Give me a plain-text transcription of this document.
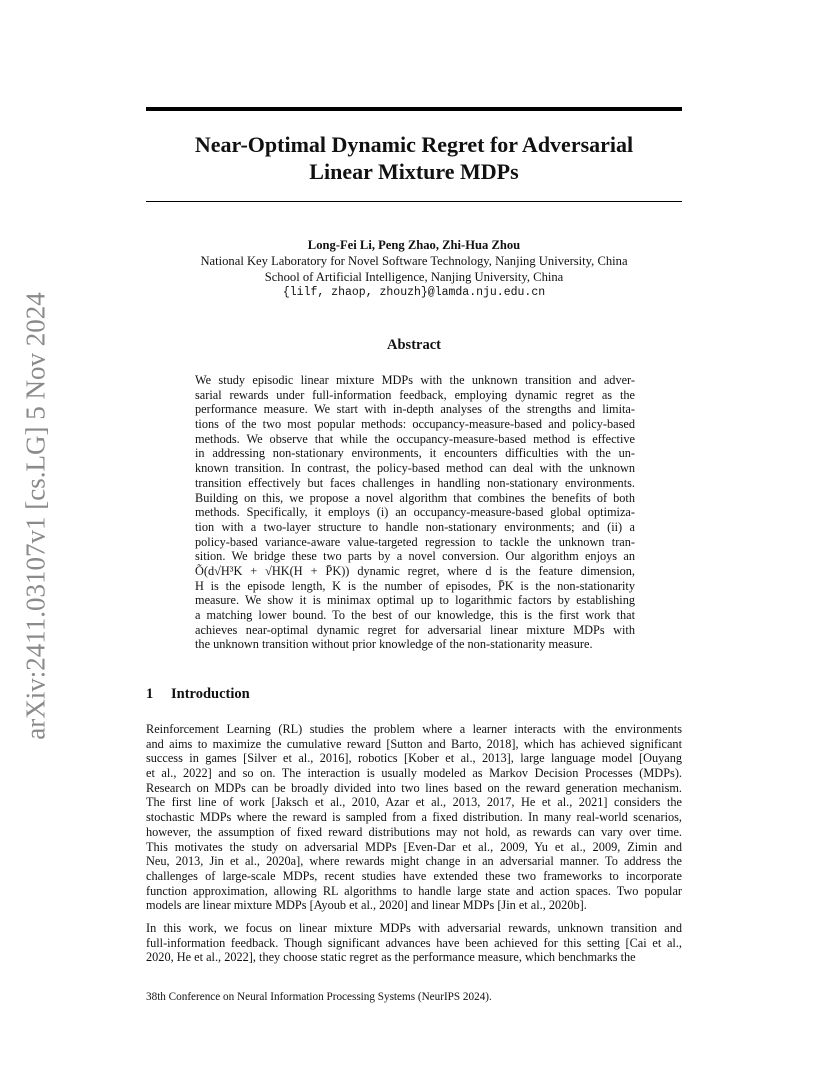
arXiv:2411.03107v1 [cs.LG] 5 Nov 2024
Near-Optimal Dynamic Regret for Adversarial
Linear Mixture MDPs
Long-Fei Li, Peng Zhao, Zhi-Hua Zhou
National Key Laboratory for Novel Software Technology, Nanjing University, China
School of Artificial Intelligence, Nanjing University, China
{lilf, zhaop, zhouzh}@lamda.nju.edu.cn
Abstract
We study episodic linear mixture MDPs with the unknown transition and adver-
sarial rewards under full-information feedback, employing dynamic regret as the
performance measure. We start with in-depth analyses of the strengths and limita-
tions of the two most popular methods: occupancy-measure-based and policy-based
methods. We observe that while the occupancy-measure-based method is effective
in addressing non-stationary environments, it encounters difficulties with the un-
known transition. In contrast, the policy-based method can deal with the unknown
transition effectively but faces challenges in handling non-stationary environments.
Building on this, we propose a novel algorithm that combines the benefits of both
methods. Specifically, it employs (i) an occupancy-measure-based global optimiza-
tion with a two-layer structure to handle non-stationary environments; and (ii) a
policy-based variance-aware value-targeted regression to tackle the unknown tran-
sition. We bridge these two parts by a novel conversion. Our algorithm enjoys an
Õ(d√H³K + √HK(H + P̄K)) dynamic regret, where d is the feature dimension,
H is the episode length, K is the number of episodes, P̄K is the non-stationarity
measure. We show it is minimax optimal up to logarithmic factors by establishing
a matching lower bound. To the best of our knowledge, this is the first work that
achieves near-optimal dynamic regret for adversarial linear mixture MDPs with
the unknown transition without prior knowledge of the non-stationarity measure.
1 Introduction
Reinforcement Learning (RL) studies the problem where a learner interacts with the environments
and aims to maximize the cumulative reward [Sutton and Barto, 2018], which has achieved significant
success in games [Silver et al., 2016], robotics [Kober et al., 2013], large language model [Ouyang
et al., 2022] and so on. The interaction is usually modeled as Markov Decision Processes (MDPs).
Research on MDPs can be broadly divided into two lines based on the reward generation mechanism.
The first line of work [Jaksch et al., 2010, Azar et al., 2013, 2017, He et al., 2021] considers the
stochastic MDPs where the reward is sampled from a fixed distribution. In many real-world scenarios,
however, the assumption of fixed reward distributions may not hold, as rewards can vary over time.
This motivates the study on adversarial MDPs [Even-Dar et al., 2009, Yu et al., 2009, Zimin and
Neu, 2013, Jin et al., 2020a], where rewards might change in an adversarial manner. To address the
challenges of large-scale MDPs, recent studies have extended these two frameworks to incorporate
function approximation, allowing RL algorithms to handle large state and action spaces. Two popular
models are linear mixture MDPs [Ayoub et al., 2020] and linear MDPs [Jin et al., 2020b].
In this work, we focus on linear mixture MDPs with adversarial rewards, unknown transition and
full-information feedback. Though significant advances have been achieved for this setting [Cai et al.,
2020, He et al., 2022], they choose static regret as the performance measure, which benchmarks the
38th Conference on Neural Information Processing Systems (NeurIPS 2024).
